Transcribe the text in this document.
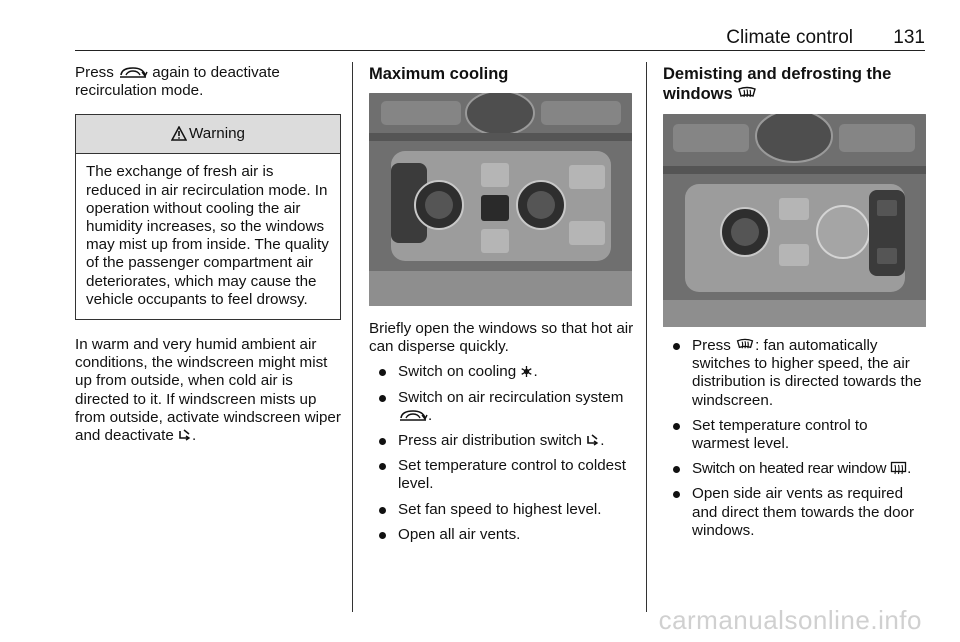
Climate control 131

Press	again to deactivate recirculation mode.

Warning
The exchange of fresh air is reduced in air recirculation mode. In operation without cooling the air humidity increases, so the windows may mist up from inside. The quality of the passenger compartment air deteriorates, which may cause the vehicle occupants to feel drowsy.

In warm and very humid ambient air conditions, the windscreen might mist up from outside, when cold air is directed to it. If windscreen mists up from outside, activate windscreen wiper and deactivate .

Maximum cooling

Briefly open the windows so that hot air can disperse quickly.

Switch on cooling .
Switch on air recirculation system
.
Press air distribution switch .
Set temperature control to coldest level.
Set fan speed to highest level.
Open all air vents.
Demisting and defrosting the windows
Press : fan automatically switches to higher speed, the air distribution is directed towards the windscreen.
Set temperature control to warmest level.
Switch on heated rear window .
Open side air vents as required and direct them towards the door windows.
carmanualsonline.info
